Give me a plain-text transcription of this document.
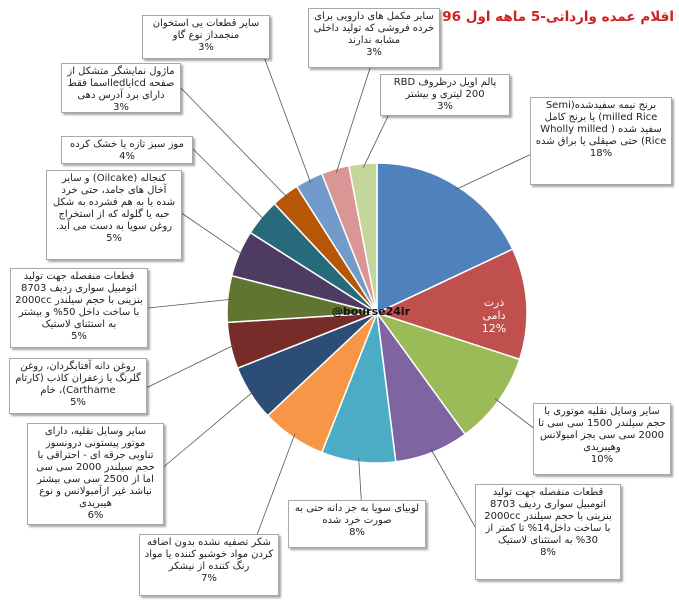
اقلام عمده وارداتی-5 ماهه اول 96
برنج نیمه سفیدشده(Semi milled Rice) یا برنج کامل سفید شده ( Wholly milled Rice) حتی صیقلی یا براق شده
18%
ذرت دامی
12%
سایر وسایل نقلیه موتوری با حجم سیلندر 1500 سی سی تا 2000 سی سی بجز امبولانس وهیبریدی
10%
قطعات منفصله جهت تولید اتومبیل سواری ردیف 8703 بنزینی با حجم سیلندر 2000cc با ساخت داخل14% تا کمتر از 30% به استثنای لاستیک
8%
لوبیای سویا به جز دانه حتی به صورت خرد شده
8%
شکر تصفیه نشده بدون اضافه کردن مواد خوشبو کننده یا مواد رنگ کننده از نیشکر
7%
سایر وسایل نقلیه، دارای موتور پیستونی درونسوز تناوبی جرقه ای - احتراقی با حجم سیلندر 2000 سی سی اما از 2500 سی سی بیشتر نباشد غیر ازآمبولانس و نوع هیبریدی
6%
روغن دانه آفتابگردان، روغن گلرنگ یا زعفران کاذب (کارتام Carthame)، خام
5%
قطعات منفصله جهت تولید اتومبیل سواری ردیف 8703 بنزینی با حجم سیلندر 2000cc با ساخت داخل 50% و بیشتر به استثنای لاستیک
5%
کنجاله (Oilcake) و سایر آخال های جامد، حتی خرد شده یا به هم فشرده به شکل حبه یا گلوله که از استخراج روغن سویا به دست می آید.
5%
موز سبز تازه یا خشک کرده
4%
ماژول نمایشگر متشکل از صفحه lcdیاledاسما فقط دارای برد آدرس دهی
3%
سایر قطعات یی استخوان منجمداز نوع گاو
3%
سایر مکمل های دارویی برای خرده فروشی که تولید داخلی مشابه ندارند
3%
پالم اویل درظروف RBD 200 لیتری و بیشتر
3%
@bourse24ir
